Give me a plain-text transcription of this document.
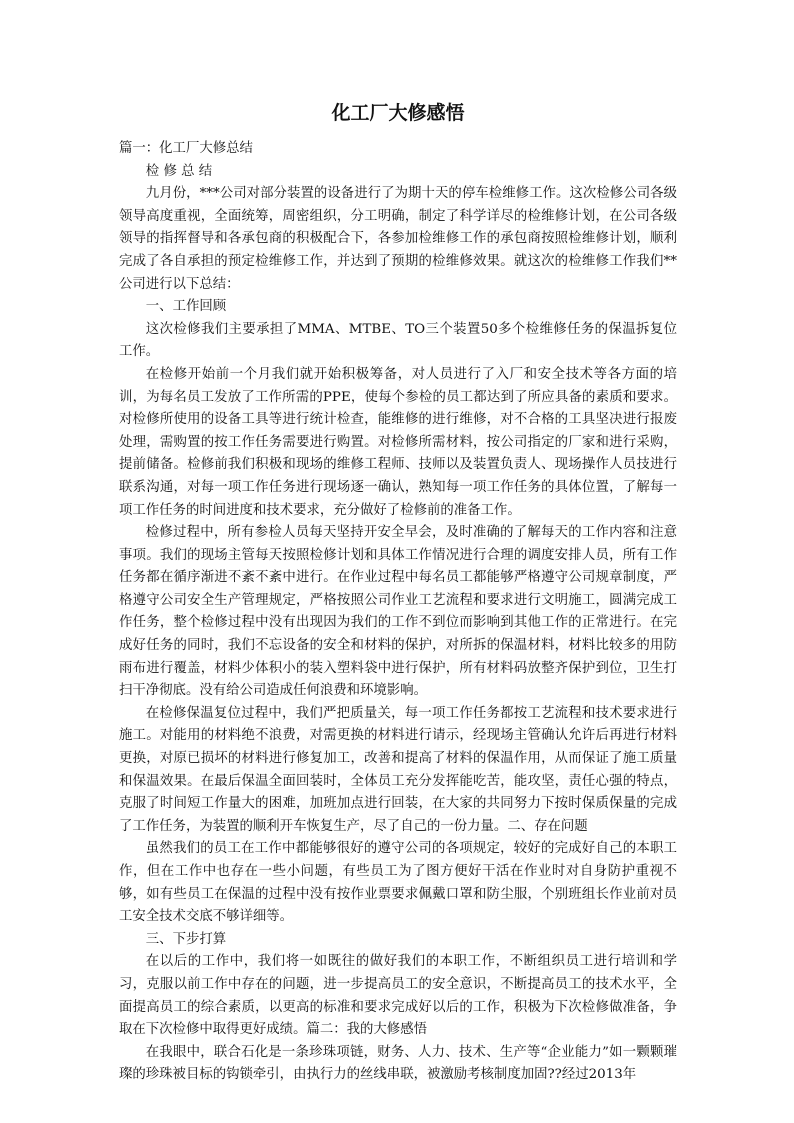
化工厂大修感悟

篇一：化工厂大修总结

检 修 总 结

九月份，***公司对部分装置的设备进行了为期十天的停车检维修工作。这次检修公司各级领导高度重视，全面统筹，周密组织，分工明确，制定了科学详尽的检维修计划，在公司各级领导的指挥督导和各承包商的积极配合下，各参加检维修工作的承包商按照检维修计划，顺利完成了各自承担的预定检维修工作，并达到了预期的检维修效果。就这次的检维修工作我们**公司进行以下总结：

一、工作回顾

这次检修我们主要承担了MMA、MTBE、TO三个装置50多个检维修任务的保温拆复位工作。

在检修开始前一个月我们就开始积极筹备，对人员进行了入厂和安全技术等各方面的培训，为每名员工发放了工作所需的PPE，使每个参检的员工都达到了所应具备的素质和要求。对检修所使用的设备工具等进行统计检查，能维修的进行维修，对不合格的工具坚决进行报废处理，需购置的按工作任务需要进行购置。对检修所需材料，按公司指定的厂家和进行采购，提前储备。检修前我们积极和现场的维修工程师、技师以及装置负责人、现场操作人员技进行联系沟通，对每一项工作任务进行现场逐一确认，熟知每一项工作任务的具体位置，了解每一项工作任务的时间进度和技术要求，充分做好了检修前的准备工作。

检修过程中，所有参检人员每天坚持开安全早会，及时准确的了解每天的工作内容和注意事项。我们的现场主管每天按照检修计划和具体工作情况进行合理的调度安排人员，所有工作任务都在循序渐进不紊不紊中进行。在作业过程中每名员工都能够严格遵守公司规章制度，严格遵守公司安全生产管理规定，严格按照公司作业工艺流程和要求进行文明施工，圆满完成工作任务，整个检修过程中没有出现因为我们的工作不到位而影响到其他工作的正常进行。在完成好任务的同时，我们不忘设备的安全和材料的保护，对所拆的保温材料，材料比较多的用防雨布进行覆盖，材料少体积小的装入塑料袋中进行保护，所有材料码放整齐保护到位，卫生打扫干净彻底。没有给公司造成任何浪费和环境影响。

在检修保温复位过程中，我们严把质量关，每一项工作任务都按工艺流程和技术要求进行施工。对能用的材料绝不浪费，对需更换的材料进行请示，经现场主管确认允许后再进行材料更换，对原已损坏的材料进行修复加工，改善和提高了材料的保温作用，从而保证了施工质量和保温效果。在最后保温全面回装时，全体员工充分发挥能吃苦，能攻坚，责任心强的特点，克服了时间短工作量大的困难，加班加点进行回装，在大家的共同努力下按时保质保量的完成了工作任务，为装置的顺利开车恢复生产，尽了自己的一份力量。二、存在问题

虽然我们的员工在工作中都能够很好的遵守公司的各项规定，较好的完成好自己的本职工作，但在工作中也存在一些小问题，有些员工为了图方便好干活在作业时对自身防护重视不够，如有些员工在保温的过程中没有按作业票要求佩戴口罩和防尘服，个别班组长作业前对员工安全技术交底不够详细等。

三、下步打算

在以后的工作中，我们将一如既往的做好我们的本职工作，不断组织员工进行培训和学习，克服以前工作中存在的问题，进一步提高员工的安全意识，不断提高员工的技术水平，全面提高员工的综合素质，以更高的标准和要求完成好以后的工作，积极为下次检修做准备，争取在下次检修中取得更好成绩。篇二：我的大修感悟

在我眼中，联合石化是一条珍珠项链，财务、人力、技术、生产等“企业能力”如一颗颗璀璨的珍珠被目标的钩锁牵引，由执行力的丝线串联，被激励考核制度加固??经过2013年
